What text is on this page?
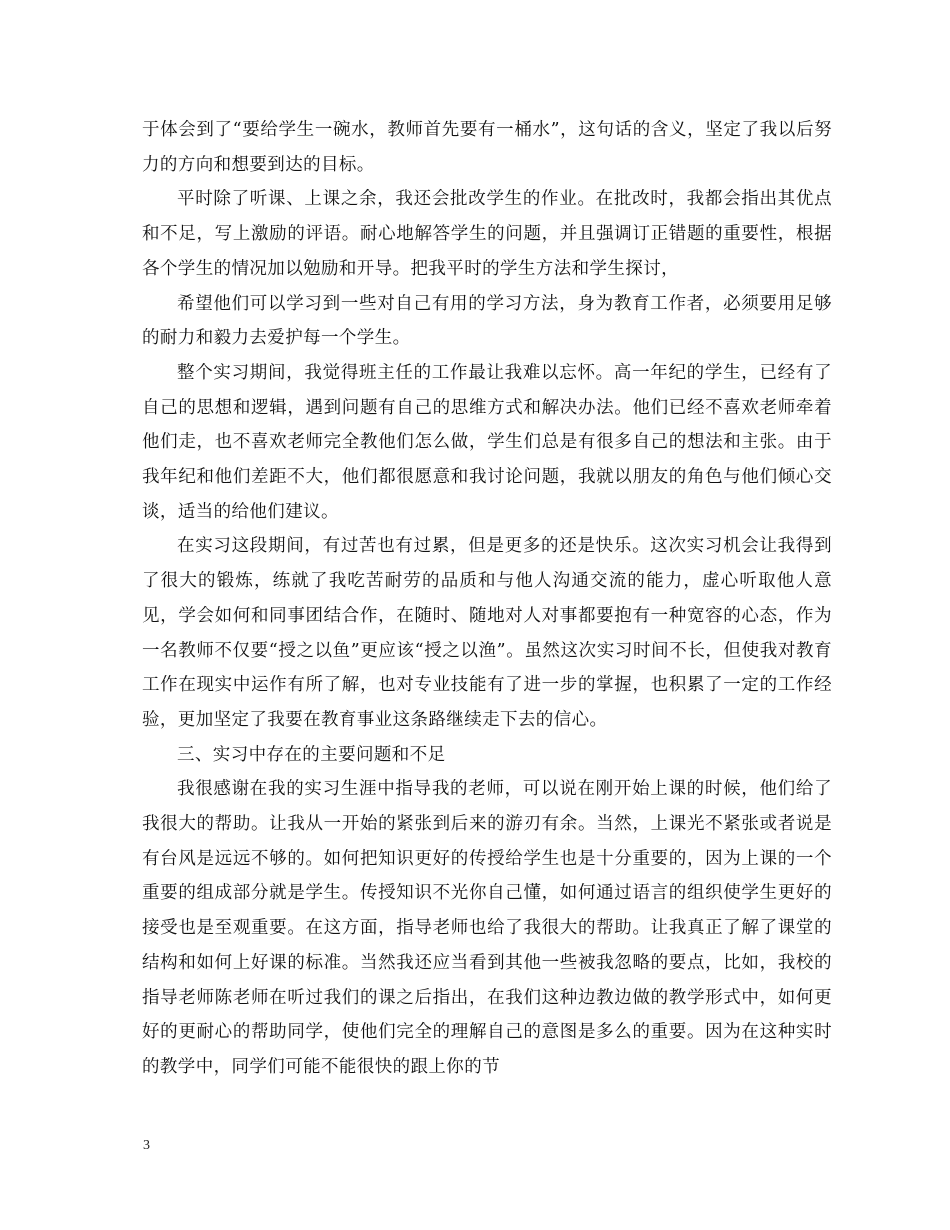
于体会到了“要给学生一碗水，教师首先要有一桶水”，这句话的含义，坚定了我以后努力的方向和想要到达的目标。

平时除了听课、上课之余，我还会批改学生的作业。在批改时，我都会指出其优点和不足，写上激励的评语。耐心地解答学生的问题，并且强调订正错题的重要性，根据各个学生的情况加以勉励和开导。把我平时的学生方法和学生探讨，

希望他们可以学习到一些对自己有用的学习方法，身为教育工作者，必须要用足够的耐力和毅力去爱护每一个学生。

整个实习期间，我觉得班主任的工作最让我难以忘怀。高一年纪的学生，已经有了自己的思想和逻辑，遇到问题有自己的思维方式和解决办法。他们已经不喜欢老师牵着他们走，也不喜欢老师完全教他们怎么做，学生们总是有很多自己的想法和主张。由于我年纪和他们差距不大，他们都很愿意和我讨论问题，我就以朋友的角色与他们倾心交谈，适当的给他们建议。

在实习这段期间，有过苦也有过累，但是更多的还是快乐。这次实习机会让我得到了很大的锻炼，练就了我吃苦耐劳的品质和与他人沟通交流的能力，虚心听取他人意见，学会如何和同事团结合作，在随时、随地对人对事都要抱有一种宽容的心态，作为一名教师不仅要“授之以鱼”更应该“授之以渔”。虽然这次实习时间不长，但使我对教育工作在现实中运作有所了解，也对专业技能有了进一步的掌握，也积累了一定的工作经验，更加坚定了我要在教育事业这条路继续走下去的信心。

三、实习中存在的主要问题和不足

我很感谢在我的实习生涯中指导我的老师，可以说在刚开始上课的时候，他们给了我很大的帮助。让我从一开始的紧张到后来的游刃有余。当然，上课光不紧张或者说是有台风是远远不够的。如何把知识更好的传授给学生也是十分重要的，因为上课的一个重要的组成部分就是学生。传授知识不光你自己懂，如何通过语言的组织使学生更好的接受也是至观重要。在这方面，指导老师也给了我很大的帮助。让我真正了解了课堂的结构和如何上好课的标准。当然我还应当看到其他一些被我忽略的要点，比如，我校的指导老师陈老师在听过我们的课之后指出，在我们这种边教边做的教学形式中，如何更好的更耐心的帮助同学，使他们完全的理解自己的意图是多么的重要。因为在这种实时的教学中，同学们可能不能很快的跟上你的节

3
